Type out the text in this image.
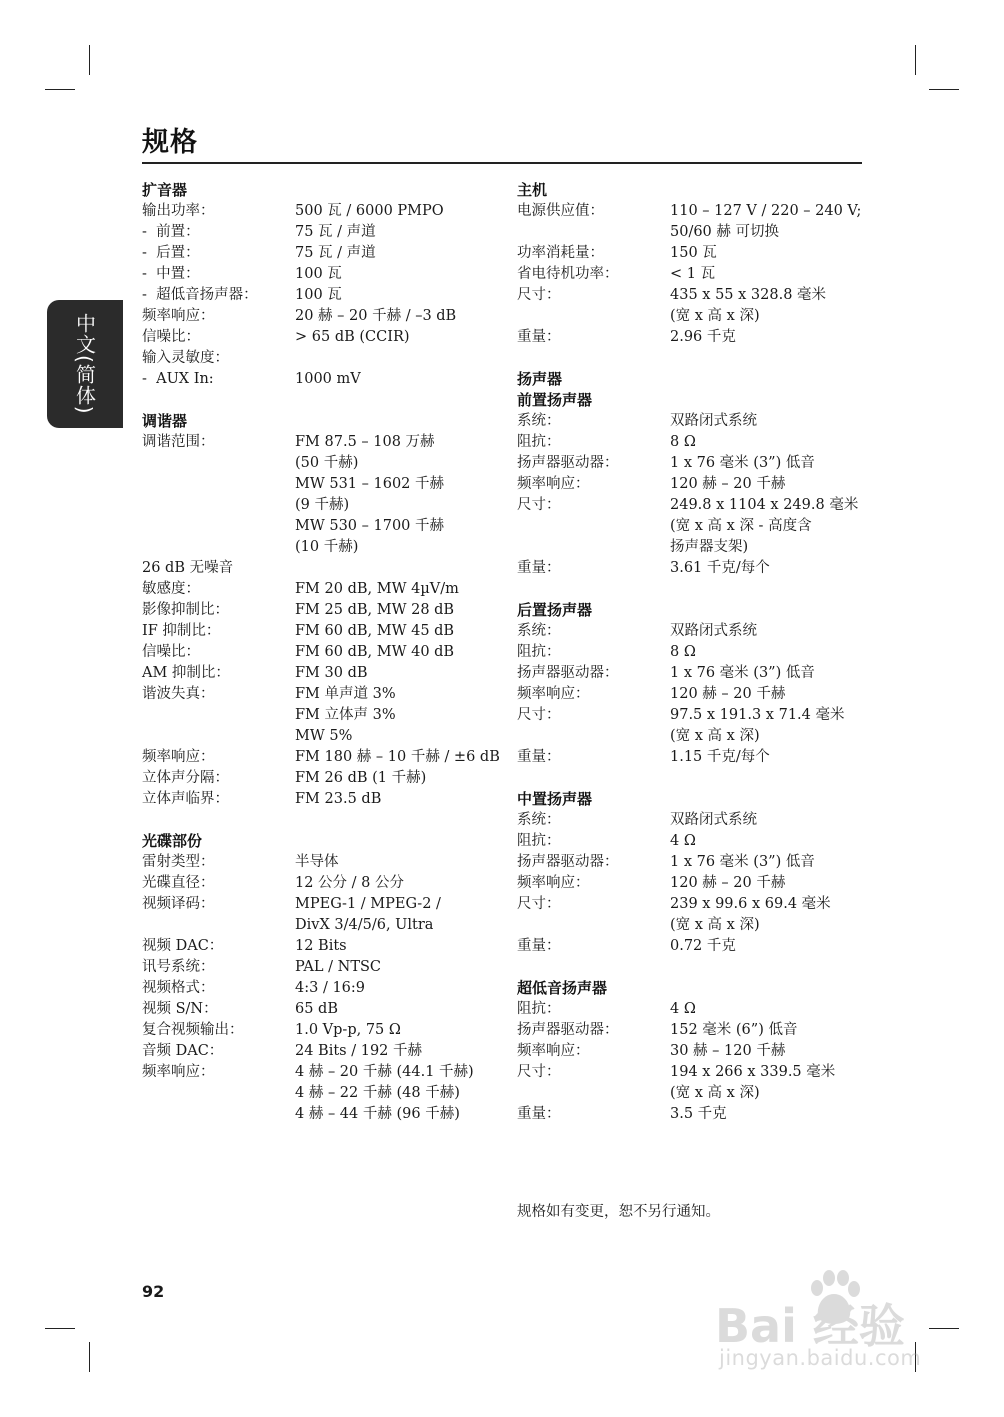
规格
中文(简体)
扩音器
输出功率：	500 瓦 / 6000 PMPO
-  前置：	75 瓦 / 声道
-  后置：	75 瓦 / 声道
-  中置：	100 瓦
-  超低音扬声器：	100 瓦
频率响应：	20 赫 – 20 千赫 / –3 dB
信噪比：	> 65 dB (CCIR)
输入灵敏度：
-  AUX In:	1000 mV
调谐器
调谐范围：	FM 87.5 – 108 万赫
(50 千赫)
MW 531 – 1602 千赫
(9 千赫)
MW 530 – 1700 千赫
(10 千赫)
26 dB 无噪音
敏感度：	FM 20 dB, MW 4µV/m
影像抑制比：	FM 25 dB, MW 28 dB
IF 抑制比：	FM 60 dB, MW 45 dB
信噪比：	FM 60 dB, MW 40 dB
AM 抑制比：	FM 30 dB
谐波失真：	FM 单声道 3%
FM 立体声 3%
MW 5%
频率响应：	FM 180 赫 – 10 千赫 / ±6 dB
立体声分隔：	FM 26 dB (1 千赫)
立体声临界：	FM 23.5 dB
光碟部份
雷射类型：	半导体
光碟直径：	12 公分 / 8 公分
视频译码：	MPEG-1 / MPEG-2 /
DivX 3/4/5/6, Ultra
视频 DAC：	12 Bits
讯号系统：	PAL / NTSC
视频格式：	4:3 / 16:9
视频 S/N：	65 dB
复合视频输出：	1.0 Vp-p, 75 Ω
音频 DAC：	24 Bits / 192 千赫
频率响应：	4 赫 – 20 千赫 (44.1 千赫)
4 赫 – 22 千赫 (48 千赫)
4 赫 – 44 千赫 (96 千赫)
主机
电源供应值：	110 – 127 V / 220 – 240 V;
50/60 赫 可切换
功率消耗量：	150 瓦
省电待机功率：	< 1 瓦
尺寸：	435 x 55 x 328.8 毫米
(宽 x 高 x 深)
重量：	2.96 千克
扬声器
前置扬声器
系统：	双路闭式系统
阻抗：	8 Ω
扬声器驱动器：	1 x 76 毫米 (3”) 低音
频率响应：	120 赫 – 20 千赫
尺寸：	249.8 x 1104 x 249.8 毫米
(宽 x 高 x 深 - 高度含
扬声器支架)
重量：	3.61 千克/每个
后置扬声器
系统：	双路闭式系统
阻抗：	8 Ω
扬声器驱动器：	1 x 76 毫米 (3”) 低音
频率响应：	120 赫 – 20 千赫
尺寸：	97.5 x 191.3 x 71.4 毫米
(宽 x 高 x 深)
重量：	1.15 千克/每个
中置扬声器
系统：	双路闭式系统
阻抗：	4 Ω
扬声器驱动器：	1 x 76 毫米 (3”) 低音
频率响应：	120 赫 – 20 千赫
尺寸：	239 x 99.6 x 69.4 毫米
(宽 x 高 x 深)
重量：	0.72 千克
超低音扬声器
阻抗：	4 Ω
扬声器驱动器：	152 毫米 (6”) 低音
频率响应：	30 赫 – 120 千赫
尺寸：	194 x 266 x 339.5 毫米
(宽 x 高 x 深)
重量：	3.5 千克
规格如有变更，恕不另行通知。
92
Bai 经验
jingyan.baidu.com
